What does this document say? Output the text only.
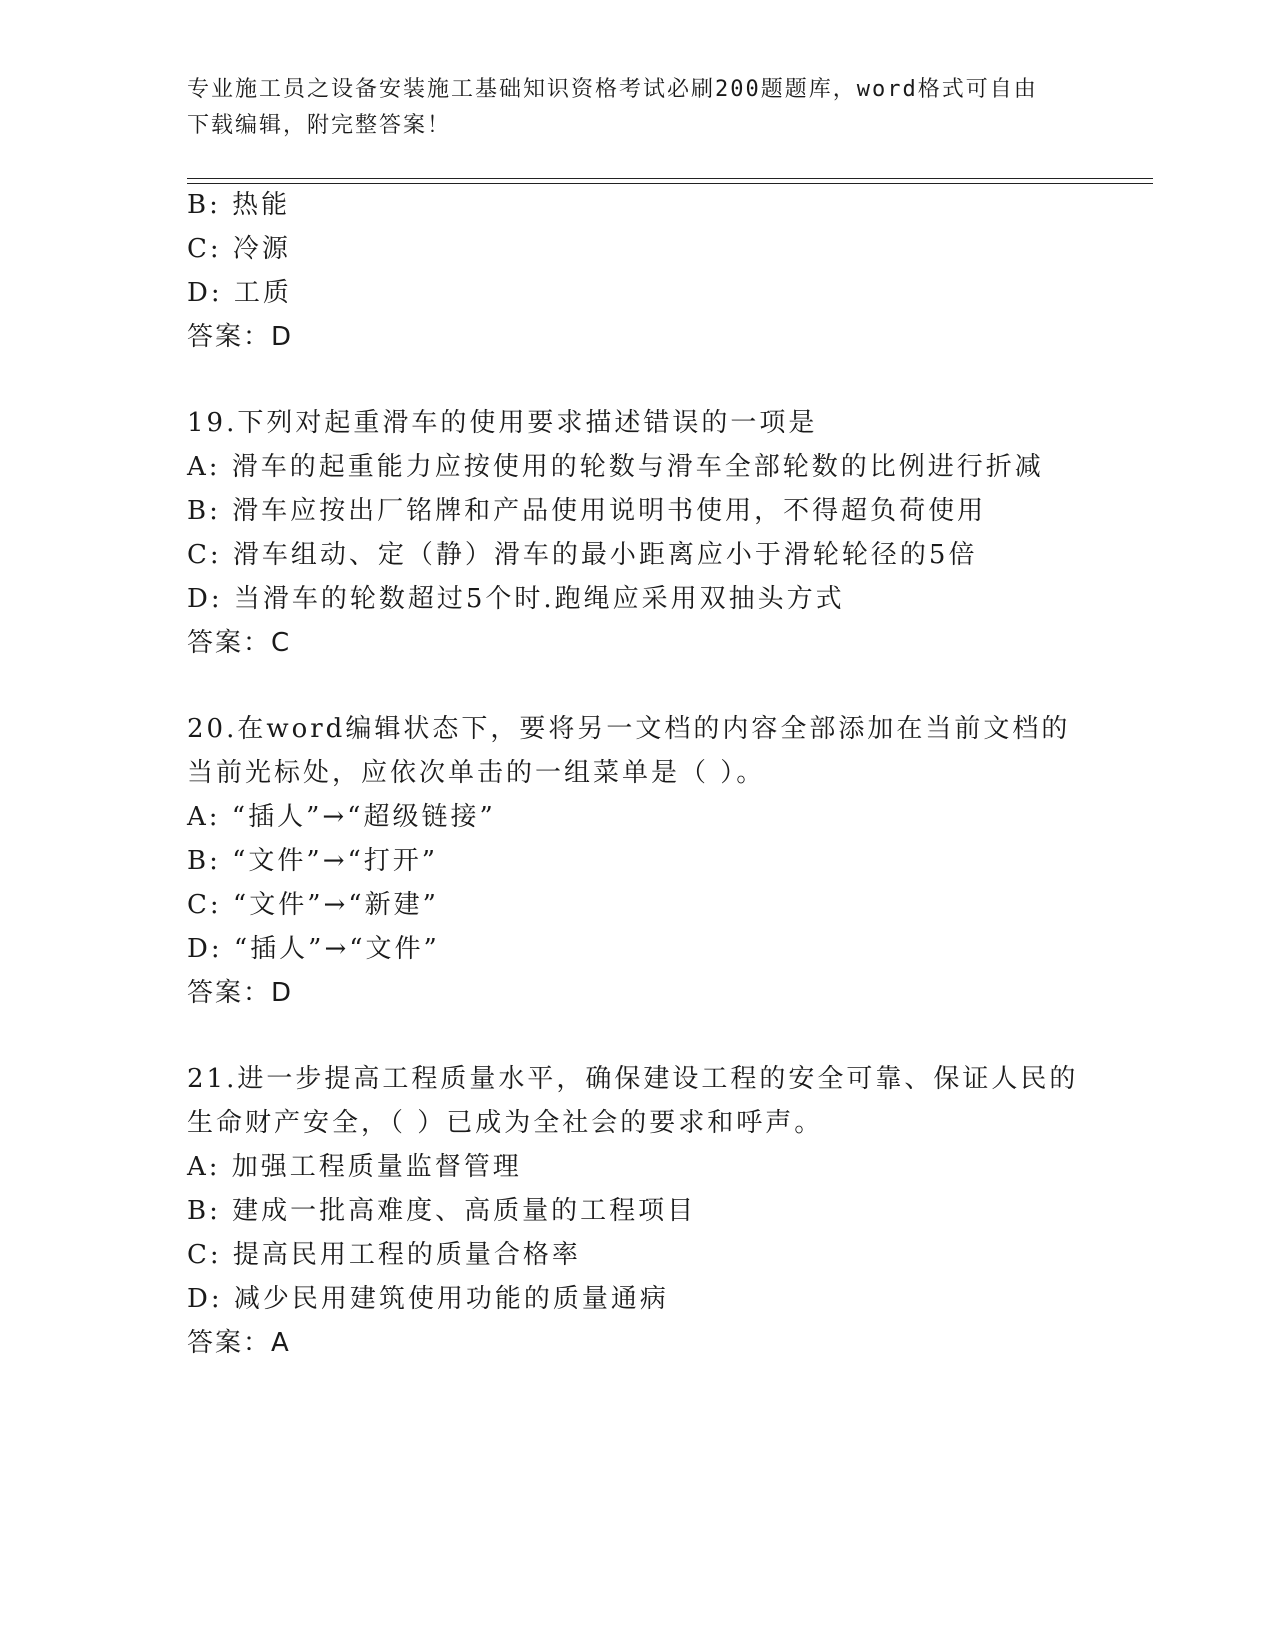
专业施工员之设备安装施工基础知识资格考试必刷200题题库，word格式可自由
下载编辑，附完整答案！
B: 热能
C: 冷源
D: 工质
答案：D
19.下列对起重滑车的使用要求描述错误的一项是
A: 滑车的起重能力应按使用的轮数与滑车全部轮数的比例进行折减
B: 滑车应按出厂铭牌和产品使用说明书使用，不得超负荷使用
C: 滑车组动、定（静）滑车的最小距离应小于滑轮轮径的5倍
D: 当滑车的轮数超过5个时.跑绳应采用双抽头方式
答案：C
20.在word编辑状态下，要将另一文档的内容全部添加在当前文档的
当前光标处，应依次单击的一组菜单是（ ）。
A: “插人”→“超级链接”
B: “文件”→“打开”
C: “文件”→“新建”
D: “插人”→“文件”
答案：D
21.进一步提高工程质量水平，确保建设工程的安全可靠、保证人民的
生命财产安全，（ ）已成为全社会的要求和呼声。
A: 加强工程质量监督管理
B: 建成一批高难度、高质量的工程项目
C: 提高民用工程的质量合格率
D: 减少民用建筑使用功能的质量通病
答案：A
